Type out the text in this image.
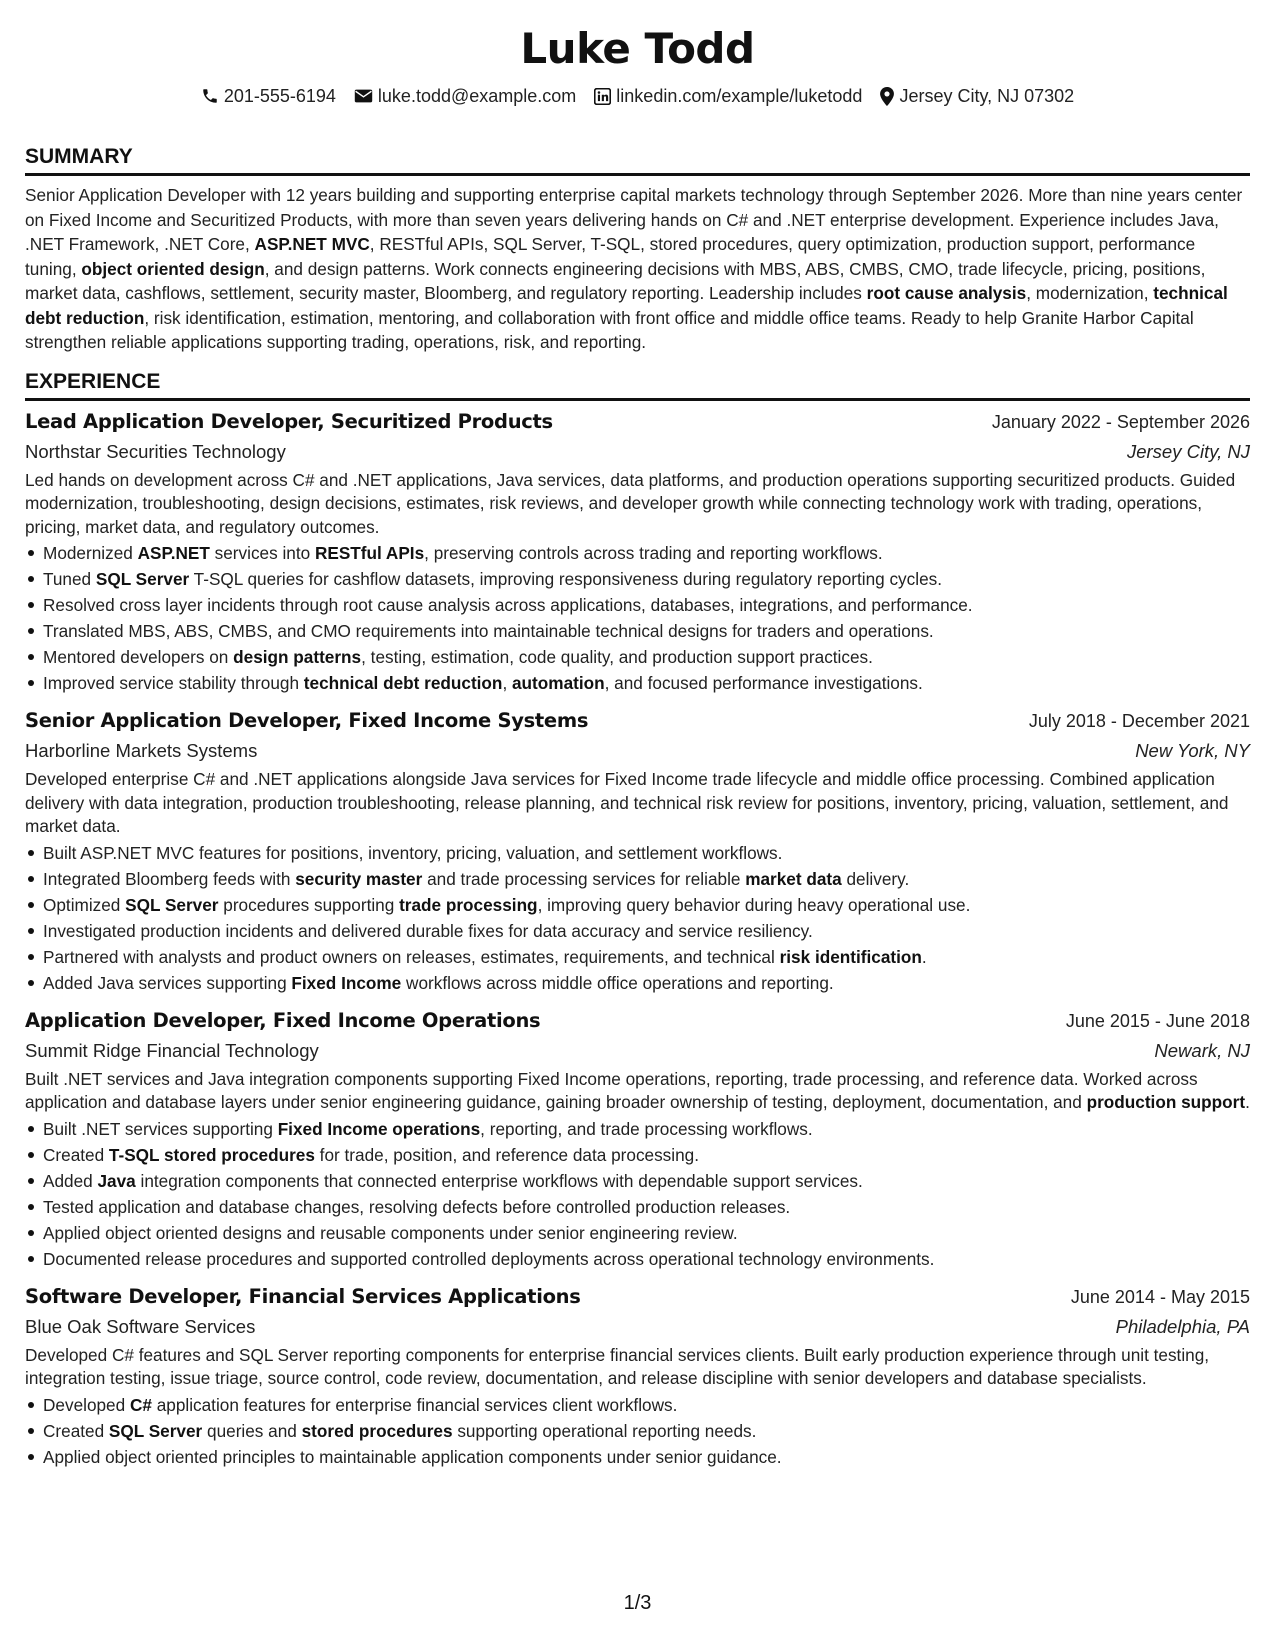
Luke Todd
201-555-6194 luke.todd@example.com linkedin.com/example/luketodd Jersey City, NJ 07302
SUMMARY
Senior Application Developer with 12 years building and supporting enterprise capital markets technology through September 2026. More than nine years center on Fixed Income and Securitized Products, with more than seven years delivering hands on C# and .NET enterprise development. Experience includes Java, .NET Framework, .NET Core, ASP.NET MVC, RESTful APIs, SQL Server, T-SQL, stored procedures, query optimization, production support, performance tuning, object oriented design, and design patterns. Work connects engineering decisions with MBS, ABS, CMBS, CMO, trade lifecycle, pricing, positions, market data, cashflows, settlement, security master, Bloomberg, and regulatory reporting. Leadership includes root cause analysis, modernization, technical debt reduction, risk identification, estimation, mentoring, and collaboration with front office and middle office teams. Ready to help Granite Harbor Capital strengthen reliable applications supporting trading, operations, risk, and reporting.
EXPERIENCE
Lead Application Developer, Securitized Products	January 2022 - September 2026
Northstar Securities Technology	Jersey City, NJ
Led hands on development across C# and .NET applications, Java services, data platforms, and production operations supporting securitized products. Guided modernization, troubleshooting, design decisions, estimates, risk reviews, and developer growth while connecting technology work with trading, operations, pricing, market data, and regulatory outcomes.
Modernized ASP.NET services into RESTful APIs, preserving controls across trading and reporting workflows.
Tuned SQL Server T-SQL queries for cashflow datasets, improving responsiveness during regulatory reporting cycles.
Resolved cross layer incidents through root cause analysis across applications, databases, integrations, and performance.
Translated MBS, ABS, CMBS, and CMO requirements into maintainable technical designs for traders and operations.
Mentored developers on design patterns, testing, estimation, code quality, and production support practices.
Improved service stability through technical debt reduction, automation, and focused performance investigations.
Senior Application Developer, Fixed Income Systems	July 2018 - December 2021
Harborline Markets Systems	New York, NY
Developed enterprise C# and .NET applications alongside Java services for Fixed Income trade lifecycle and middle office processing. Combined application delivery with data integration, production troubleshooting, release planning, and technical risk review for positions, inventory, pricing, valuation, settlement, and market data.
Built ASP.NET MVC features for positions, inventory, pricing, valuation, and settlement workflows.
Integrated Bloomberg feeds with security master and trade processing services for reliable market data delivery.
Optimized SQL Server procedures supporting trade processing, improving query behavior during heavy operational use.
Investigated production incidents and delivered durable fixes for data accuracy and service resiliency.
Partnered with analysts and product owners on releases, estimates, requirements, and technical risk identification.
Added Java services supporting Fixed Income workflows across middle office operations and reporting.
Application Developer, Fixed Income Operations	June 2015 - June 2018
Summit Ridge Financial Technology	Newark, NJ
Built .NET services and Java integration components supporting Fixed Income operations, reporting, trade processing, and reference data. Worked across application and database layers under senior engineering guidance, gaining broader ownership of testing, deployment, documentation, and production support.
Built .NET services supporting Fixed Income operations, reporting, and trade processing workflows.
Created T-SQL stored procedures for trade, position, and reference data processing.
Added Java integration components that connected enterprise workflows with dependable support services.
Tested application and database changes, resolving defects before controlled production releases.
Applied object oriented designs and reusable components under senior engineering review.
Documented release procedures and supported controlled deployments across operational technology environments.
Software Developer, Financial Services Applications	June 2014 - May 2015
Blue Oak Software Services	Philadelphia, PA
Developed C# features and SQL Server reporting components for enterprise financial services clients. Built early production experience through unit testing, integration testing, issue triage, source control, code review, documentation, and release discipline with senior developers and database specialists.
Developed C# application features for enterprise financial services client workflows.
Created SQL Server queries and stored procedures supporting operational reporting needs.
Applied object oriented principles to maintainable application components under senior guidance.
1/3
